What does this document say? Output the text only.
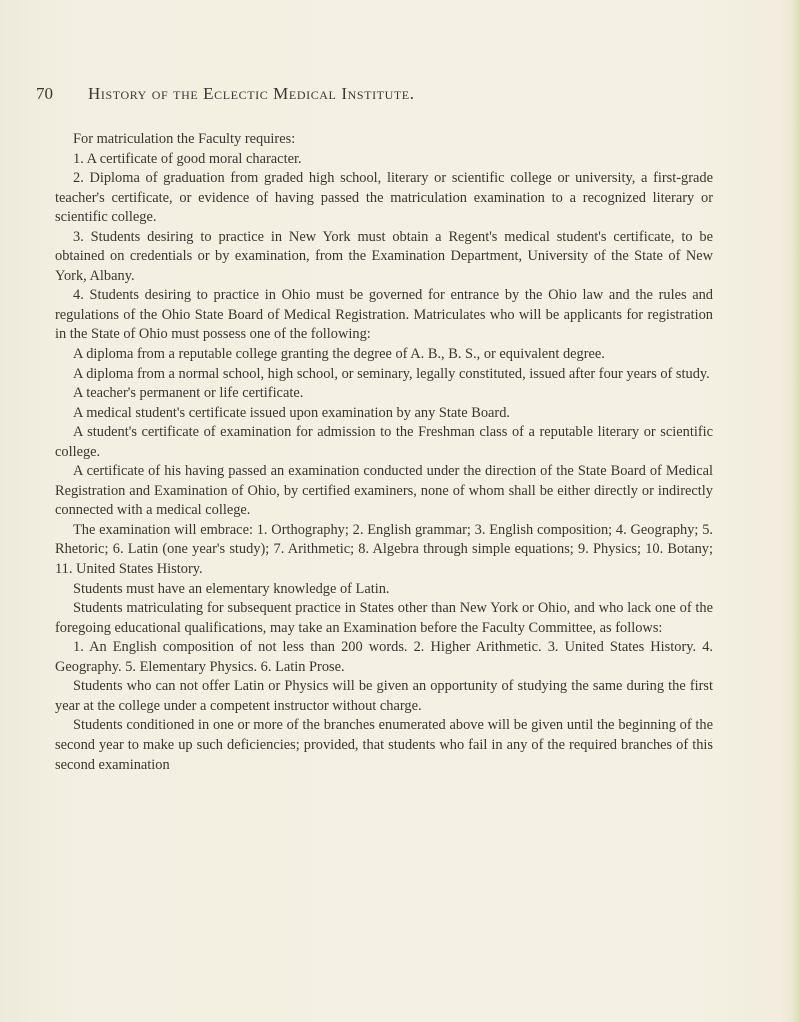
70 History of the Eclectic Medical Institute.

For matriculation the Faculty requires:

1. A certificate of good moral character.

2. Diploma of graduation from graded high school, literary or scientific college or university, a first-grade teacher's certificate, or evidence of having passed the matriculation examination to a recognized literary or scientific college.

3. Students desiring to practice in New York must obtain a Regent's medical student's certificate, to be obtained on credentials or by examination, from the Examination Department, University of the State of New York, Albany.

4. Students desiring to practice in Ohio must be governed for entrance by the Ohio law and the rules and regulations of the Ohio State Board of Medical Registration. Matriculates who will be applicants for registration in the State of Ohio must possess one of the following:

A diploma from a reputable college granting the degree of A. B., B. S., or equivalent degree.

A diploma from a normal school, high school, or seminary, legally constituted, issued after four years of study.

A teacher's permanent or life certificate.

A medical student's certificate issued upon examination by any State Board.

A student's certificate of examination for admission to the Freshman class of a reputable literary or scientific college.

A certificate of his having passed an examination conducted under the direction of the State Board of Medical Registration and Examination of Ohio, by certified examiners, none of whom shall be either directly or indirectly connected with a medical college.

The examination will embrace: 1. Orthography; 2. English grammar; 3. English composition; 4. Geography; 5. Rhetoric; 6. Latin (one year's study); 7. Arithmetic; 8. Algebra through simple equations; 9. Physics; 10. Botany; 11. United States History.

Students must have an elementary knowledge of Latin.

Students matriculating for subsequent practice in States other than New York or Ohio, and who lack one of the foregoing educational qualifications, may take an Examination before the Faculty Committee, as follows:

1. An English composition of not less than 200 words. 2. Higher Arithmetic. 3. United States History. 4. Geography. 5. Elementary Physics. 6. Latin Prose.

Students who can not offer Latin or Physics will be given an opportunity of studying the same during the first year at the college under a competent instructor without charge.

Students conditioned in one or more of the branches enumerated above will be given until the beginning of the second year to make up such deficiencies; provided, that students who fail in any of the required branches of this second examination
